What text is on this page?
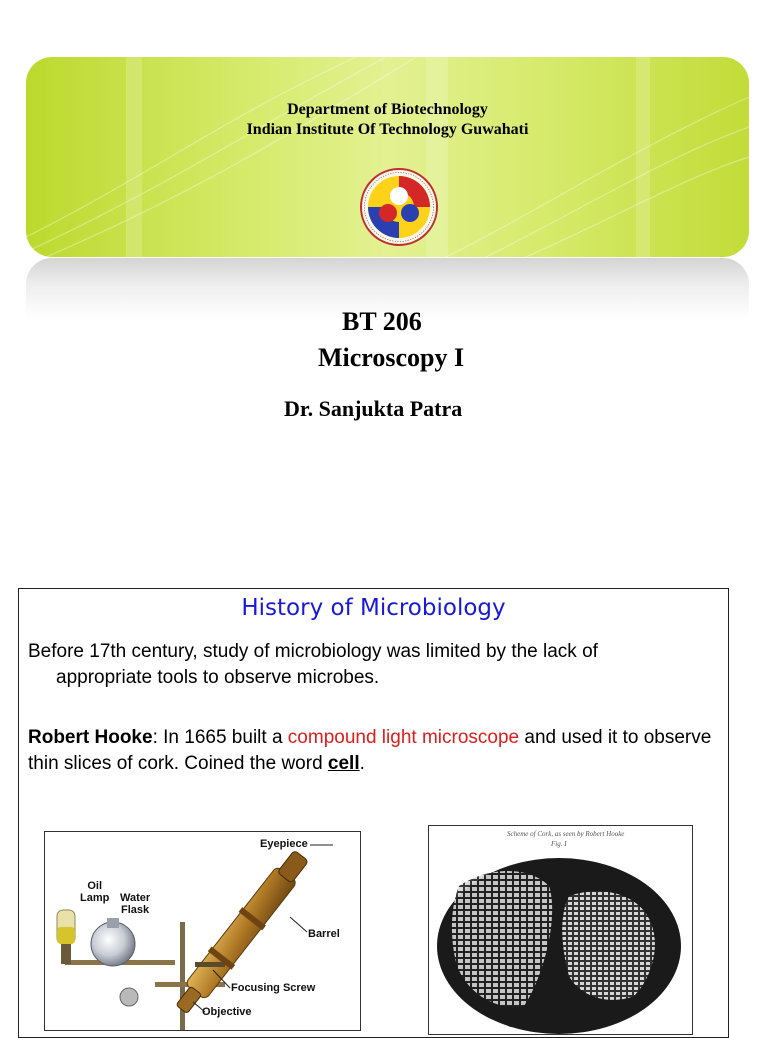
Department of Biotechnology
Indian Institute Of Technology Guwahati
BT 206
Microscopy I
Dr. Sanjukta Patra
History of Microbiology
Before 17th century, study of microbiology was limited by the lack of
appropriate tools to observe microbes.
Robert Hooke: In 1665 built a compound light microscope and used it to observe thin slices of cork. Coined the word cell.
Eyepiece
Oil
Lamp Water
Flask
Barrel
Focusing Screw
Objective
Scheme of Cork, as seen by Robert Hooke
Fig. I
